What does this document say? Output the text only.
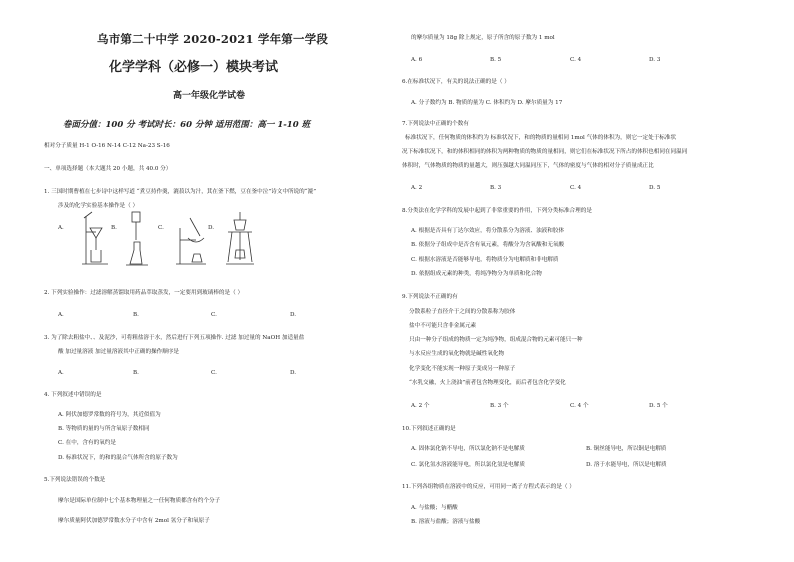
乌市第二十中学 2020-2021 学年第一学段
化学学科（必修一）模块考试
高一年级化学试卷
卷面分值：100 分 考试时长：60 分钟 适用范围：高一 1-10 班
相对分子质量 H-1 O-16 N-14 C-12 Na-23 S-16
一、单项选择题（本大题共 20 小题，共 40.0 分）
1. 三国时期曹植在七步诗中这样写道 “煮豆持作羹，漉菽以为汁，萁在釜下燃，豆在釜中泣”诗文中所说的“漉”
涉及的化学实验基本操作是（ ）
A.	B.	C.	D.
2. 下列实验操作：过滤溶解蒸馏取用药品萃取蒸发，一定要用到玻璃棒的是（ ）
A.	B.	C.	D.
3. 为了除去粗盐中、、及泥沙，可将粗盐溶于水，然后进行下列五项操作. 过滤 加过量的 NaOH 加适量盐
酸 加过量溶液 加过量溶液其中正确的操作顺序是
A.	B.	C.	D.
4. 下列叙述中错误的是
A. 阿伏加德罗常数的符号为，其近似值为
B. 等物质的量的与所含氧原子数相同
C. 在中，含有的氧约是
D. 标准状况下，的和的混合气体所含的原子数为
5.下列说法错误的个数是
摩尔是国际单位制中七个基本物理量之一任何物质都含有约个分子
摩尔质量阿伏加德罗常数水分子中含有 2mol 氢分子和氧原子
的摩尔质量为 18g 除上规定，原子所含的原子数为 1 mol
A. 6	B. 5	C. 4	D. 3
6.在标准状况下，有关的说法正确的是（ ）
A. 分子数约为 B. 物质的量为 C. 体积约为 D. 摩尔质量为 17
7.下列说法中正确的个数有
标准状况下，任何物质的体积约为 标准状况下，和的物质的量相同 1mol 气体的体积为，则它一定处于标准状
况下标准状况下，和的体积相同的体积为两种物质的物质的量相同，则它们在标准状况下所占的体积也相同在同温同
体积时，气体物质的物质的量越大，则压强越大同温同压下，气体的密度与气体的相对分子质量成正比
A. 2	B. 3	C. 4	D. 5
8.分类法在化学学科的发展中起到了非常重要的作用，下列分类标准合理的是
A. 根据是否具有丁达尔效应，将分散系分为溶液、浊液和胶体
B. 依据分子组成中是否含有氧元素，将酸分为含氧酸和无氧酸
C. 根据水溶液是否能够导电，将物质分为电解质和非电解质
D. 依据组成元素的种类，将纯净物分为单质和化合物
9.下列说法不正确的有
分散系粒子直径介于之间的分散系称为胶体
盐中不可能只含非金属元素
只由一种分子组成的物质一定为纯净物，组成混合物的元素可能只一种
与水反应生成的氧化物就是碱性氧化物
化学变化不能实现一种原子变成另一种原子
“水乳交融，火上浇油”前者包含物理变化，而后者包含化学变化
A. 2 个	B. 3 个	C. 4 个	D. 5 个
10.下列叙述正确的是
A. 固体氯化钠不导电，所以氯化钠不是电解质	B. 铜丝能导电，所以铜是电解质
C. 氯化氢水溶液能导电，所以氯化氢是电解质	D. 溶于水能导电，所以是电解质
11.下列各组物质在溶液中的反应，可用同一离子方程式表示的是（ ）
A. 与盐酸；与醋酸
B. 溶液与盐酸；溶液与盐酸
